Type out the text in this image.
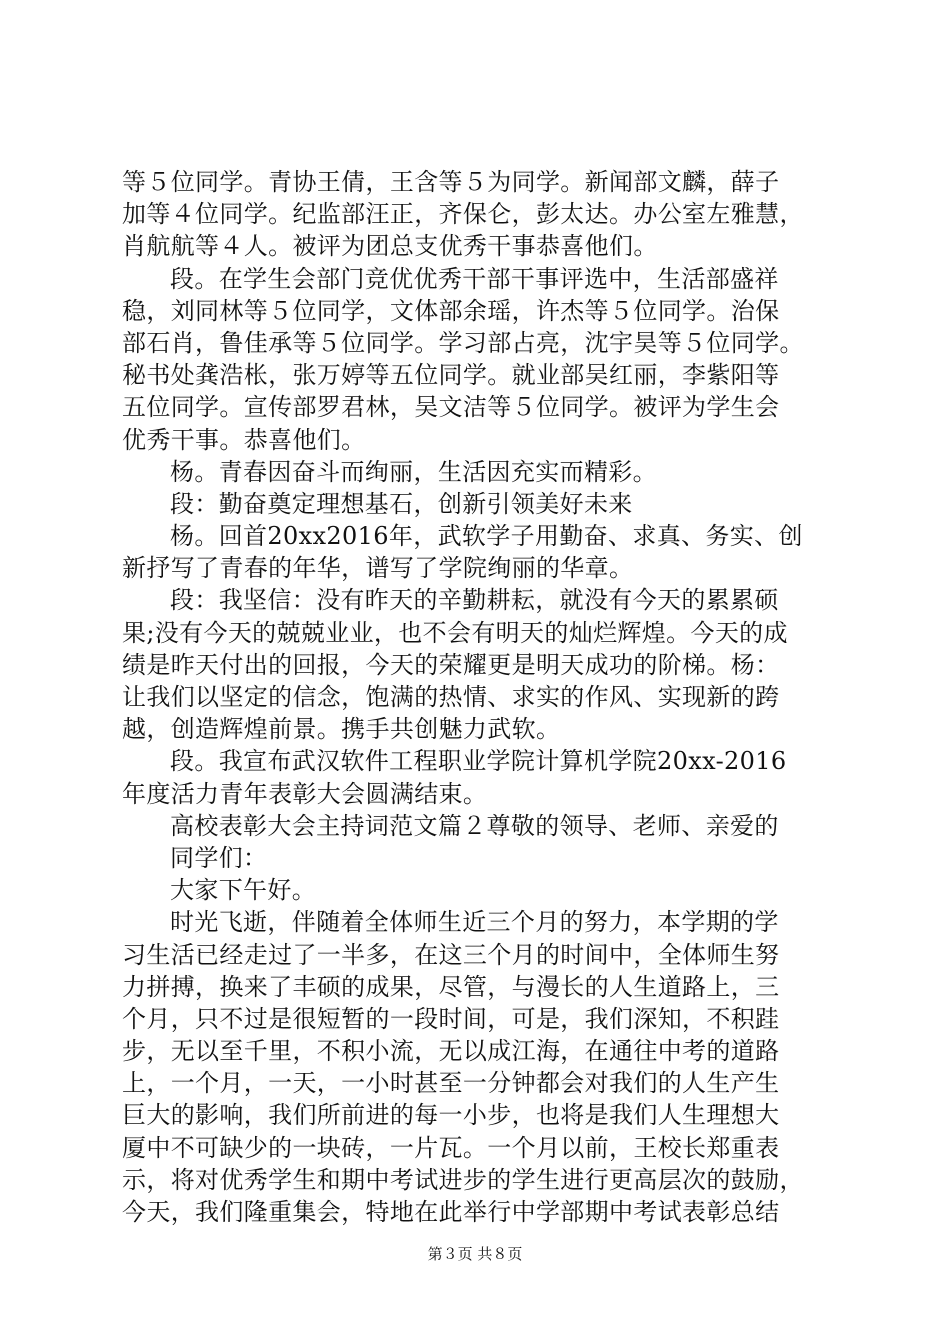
等５位同学。青协王倩，王含等５为同学。新闻部文麟，薛子
加等４位同学。纪监部汪正，齐保仑，彭太达。办公室左雅慧，
肖航航等４人。被评为团总支优秀干事恭喜他们。
段。在学生会部门竞优优秀干部干事评选中，生活部盛祥
稳，刘同林等５位同学，文体部余瑶，许杰等５位同学。治保
部石肖，鲁佳承等５位同学。学习部占亮，沈宇昊等５位同学。
秘书处龚浩枨，张万婷等五位同学。就业部吴红丽，李紫阳等
五位同学。宣传部罗君林，吴文洁等５位同学。被评为学生会
优秀干事。恭喜他们。
杨。青春因奋斗而绚丽，生活因充实而精彩。
段：勤奋奠定理想基石，创新引领美好未来
杨。回首20xx2016年，武软学子用勤奋、求真、务实、创
新抒写了青春的年华，谱写了学院绚丽的华章。
段：我坚信：没有昨天的辛勤耕耘，就没有今天的累累硕
果;没有今天的兢兢业业，也不会有明天的灿烂辉煌。今天的成
绩是昨天付出的回报，今天的荣耀更是明天成功的阶梯。杨：
让我们以坚定的信念，饱满的热情、求实的作风、实现新的跨
越，创造辉煌前景。携手共创魅力武软。
段。我宣布武汉软件工程职业学院计算机学院20xx-2016
年度活力青年表彰大会圆满结束。
高校表彰大会主持词范文篇２尊敬的领导、老师、亲爱的
同学们：
大家下午好。
时光飞逝，伴随着全体师生近三个月的努力，本学期的学
习生活已经走过了一半多，在这三个月的时间中，全体师生努
力拼搏，换来了丰硕的成果，尽管，与漫长的人生道路上，三
个月，只不过是很短暂的一段时间，可是，我们深知，不积跬
步，无以至千里，不积小流，无以成江海，在通往中考的道路
上，一个月，一天，一小时甚至一分钟都会对我们的人生产生
巨大的影响，我们所前进的每一小步，也将是我们人生理想大
厦中不可缺少的一块砖，一片瓦。一个月以前，王校长郑重表
示，将对优秀学生和期中考试进步的学生进行更高层次的鼓励，
今天，我们隆重集会，特地在此举行中学部期中考试表彰总结
第３页 共８页
